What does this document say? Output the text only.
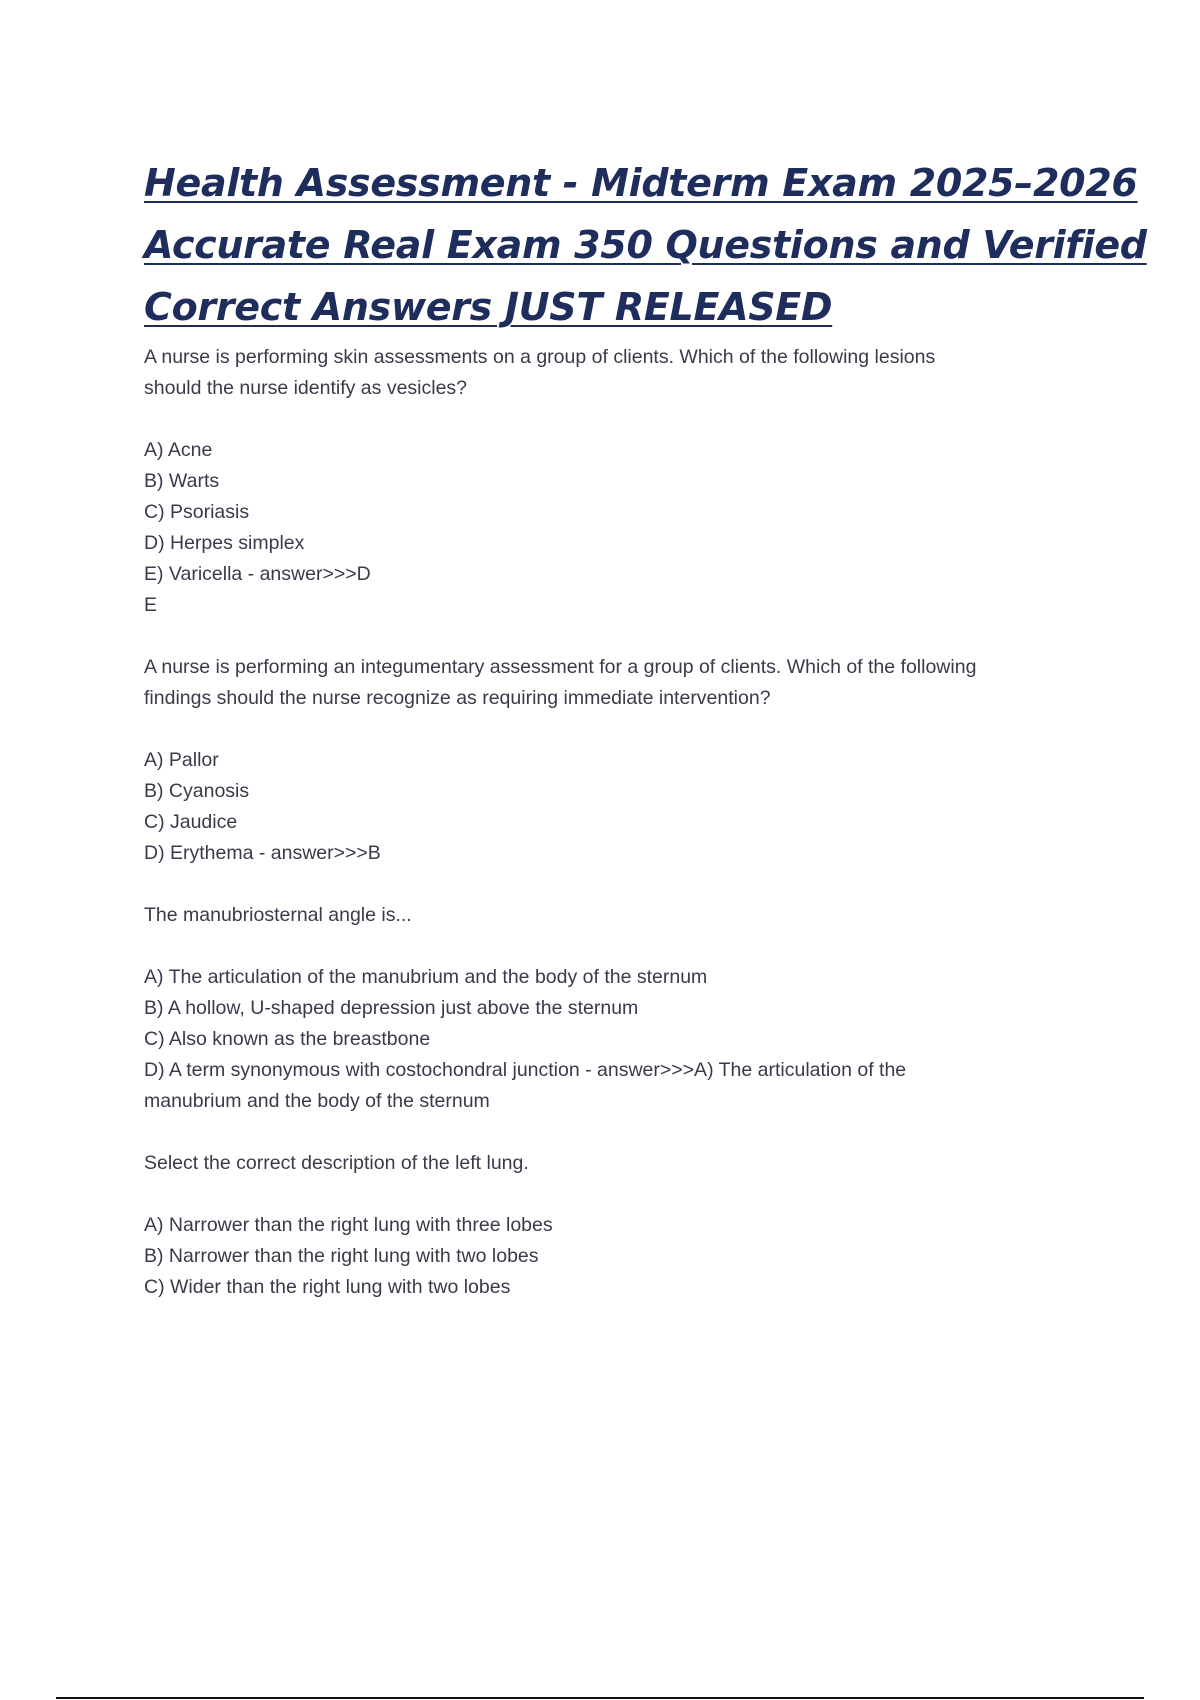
Health Assessment - Midterm Exam 2025–2026
Accurate Real Exam 350 Questions and Verified
Correct Answers JUST RELEASED
A nurse is performing skin assessments on a group of clients. Which of the following lesions
should the nurse identify as vesicles?
A) Acne
B) Warts
C) Psoriasis
D) Herpes simplex
E) Varicella - answer>>>D
E
A nurse is performing an integumentary assessment for a group of clients. Which of the following
findings should the nurse recognize as requiring immediate intervention?
A) Pallor
B) Cyanosis
C) Jaudice
D) Erythema - answer>>>B
The manubriosternal angle is...
A) The articulation of the manubrium and the body of the sternum
B) A hollow, U-shaped depression just above the sternum
C) Also known as the breastbone
D) A term synonymous with costochondral junction - answer>>>A) The articulation of the
manubrium and the body of the sternum
Select the correct description of the left lung.
A) Narrower than the right lung with three lobes
B) Narrower than the right lung with two lobes
C) Wider than the right lung with two lobes
